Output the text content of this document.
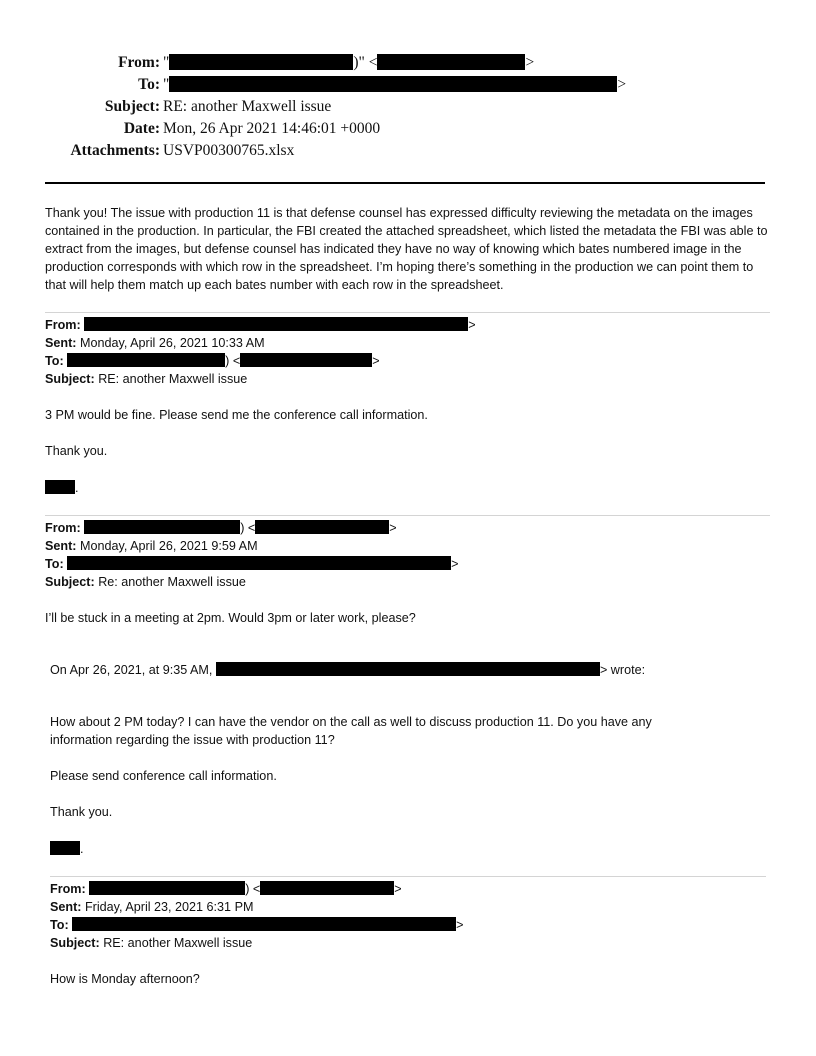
From: "	)" <	>
To: "	>
Subject: RE: another Maxwell issue
Date: Mon, 26 Apr 2021 14:46:01 +0000
Attachments: USVP00300765.xlsx
Thank you! The issue with production 11 is that defense counsel has expressed difficulty reviewing the metadata on the images contained in the production. In particular, the FBI created the attached spreadsheet, which listed the metadata the FBI was able to extract from the images, but defense counsel has indicated they have no way of knowing which bates numbered image in the production corresponds with which row in the spreadsheet. I’m hoping there’s something in the production we can point them to that will help them match up each bates number with each row in the spreadsheet.
From:	>
Sent: Monday, April 26, 2021 10:33 AM
To:	) <	>
Subject: RE: another Maxwell issue
3 PM would be fine. Please send me the conference call information.
Thank you.
.
From:	) <	>
Sent: Monday, April 26, 2021 9:59 AM
To:	>
Subject: Re: another Maxwell issue
I’ll be stuck in a meeting at 2pm. Would 3pm or later work, please?
On Apr 26, 2021, at 9:35 AM,	> wrote:
How about 2 PM today? I can have the vendor on the call as well to discuss production 11. Do you have any information regarding the issue with production 11?
Please send conference call information.
Thank you.
.
From:	) <	>
Sent: Friday, April 23, 2021 6:31 PM
To:	>
Subject: RE: another Maxwell issue
How is Monday afternoon?
